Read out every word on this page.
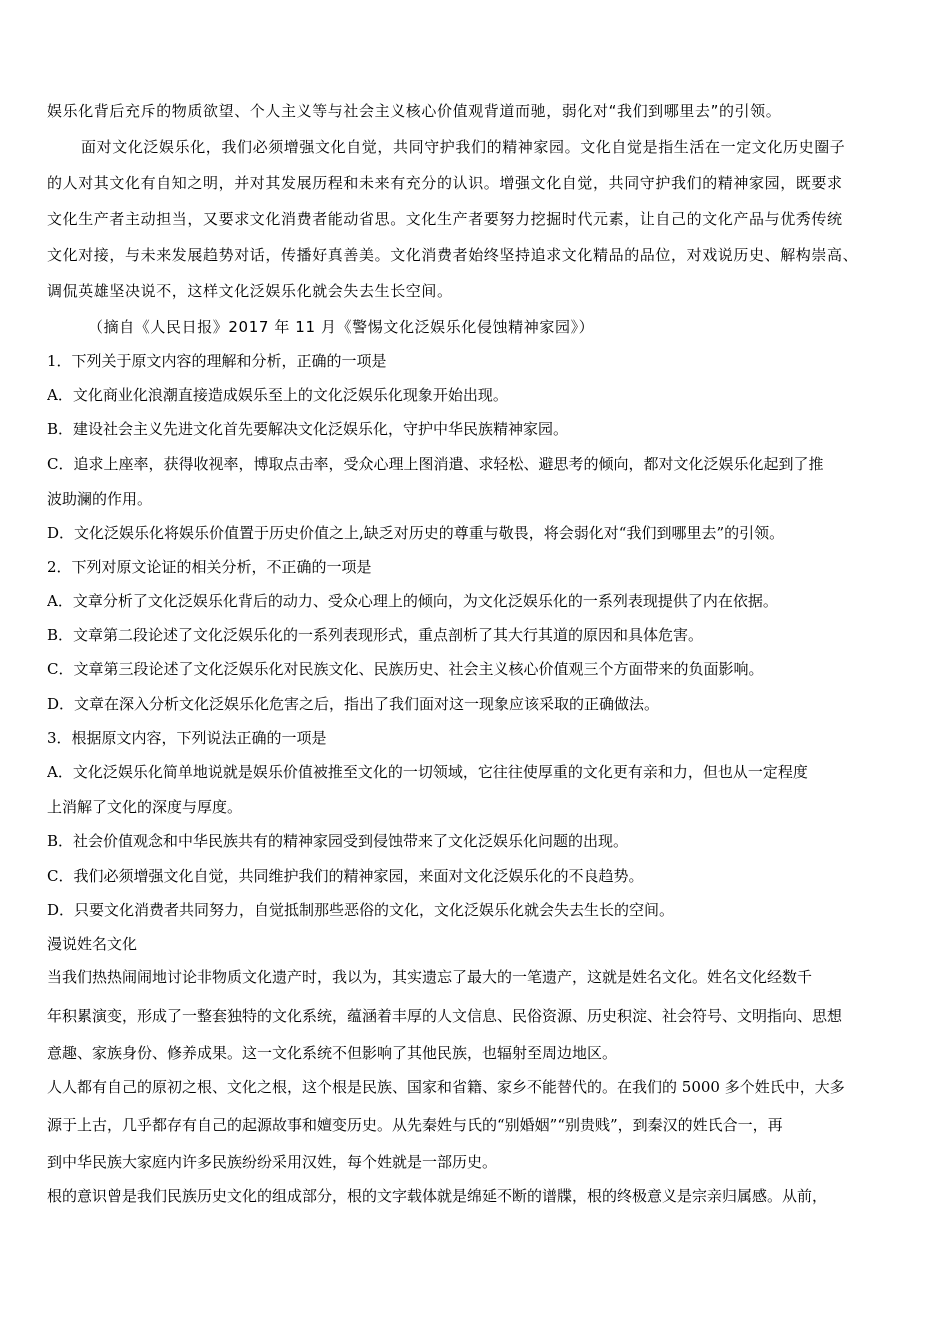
娱乐化背后充斥的物质欲望、个人主义等与社会主义核心价值观背道而驰，弱化对“我们到哪里去”的引领。
面对文化泛娱乐化，我们必须增强文化自觉，共同守护我们的精神家园。文化自觉是指生活在一定文化历史圈子
的人对其文化有自知之明，并对其发展历程和未来有充分的认识。增强文化自觉，共同守护我们的精神家园，既要求
文化生产者主动担当，又要求文化消费者能动省思。文化生产者要努力挖掘时代元素，让自己的文化产品与优秀传统
文化对接，与未来发展趋势对话，传播好真善美。文化消费者始终坚持追求文化精品的品位，对戏说历史、解构崇高、
调侃英雄坚决说不，这样文化泛娱乐化就会失去生长空间。
（摘自《人民日报》2017 年 11 月《警惕文化泛娱乐化侵蚀精神家园》）
1．下列关于原文内容的理解和分析，正确的一项是
A．文化商业化浪潮直接造成娱乐至上的文化泛娱乐化现象开始出现。
B．建设社会主义先进文化首先要解决文化泛娱乐化，守护中华民族精神家园。
C．追求上座率，获得收视率，博取点击率，受众心理上图消遣、求轻松、避思考的倾向，都对文化泛娱乐化起到了推
波助澜的作用。
D．文化泛娱乐化将娱乐价值置于历史价值之上,缺乏对历史的尊重与敬畏，将会弱化对“我们到哪里去”的引领。
2．下列对原文论证的相关分析，不正确的一项是
A．文章分析了文化泛娱乐化背后的动力、受众心理上的倾向，为文化泛娱乐化的一系列表现提供了内在依据。
B．文章第二段论述了文化泛娱乐化的一系列表现形式，重点剖析了其大行其道的原因和具体危害。
C．文章第三段论述了文化泛娱乐化对民族文化、民族历史、社会主义核心价值观三个方面带来的负面影响。
D．文章在深入分析文化泛娱乐化危害之后，指出了我们面对这一现象应该采取的正确做法。
3．根据原文内容，下列说法正确的一项是
A．文化泛娱乐化简单地说就是娱乐价值被推至文化的一切领域，它往往使厚重的文化更有亲和力，但也从一定程度
上消解了文化的深度与厚度。
B．社会价值观念和中华民族共有的精神家园受到侵蚀带来了文化泛娱乐化问题的出现。
C．我们必须增强文化自觉，共同维护我们的精神家园，来面对文化泛娱乐化的不良趋势。
D．只要文化消费者共同努力，自觉抵制那些恶俗的文化，文化泛娱乐化就会失去生长的空间。
漫说姓名文化
当我们热热闹闹地讨论非物质文化遗产时，我以为，其实遗忘了最大的一笔遗产，这就是姓名文化。姓名文化经数千
年积累演变，形成了一整套独特的文化系统，蕴涵着丰厚的人文信息、民俗资源、历史积淀、社会符号、文明指向、思想
意趣、家族身份、修养成果。这一文化系统不但影响了其他民族，也辐射至周边地区。
人人都有自己的原初之根、文化之根，这个根是民族、国家和省籍、家乡不能替代的。在我们的 5000 多个姓氏中，大多
源于上古，几乎都存有自己的起源故事和嬗变历史。从先秦姓与氏的“别婚姻”“别贵贱”，到秦汉的姓氏合一，再
到中华民族大家庭内许多民族纷纷采用汉姓，每个姓就是一部历史。
根的意识曾是我们民族历史文化的组成部分，根的文字载体就是绵延不断的谱牒，根的终极意义是宗亲归属感。从前，
